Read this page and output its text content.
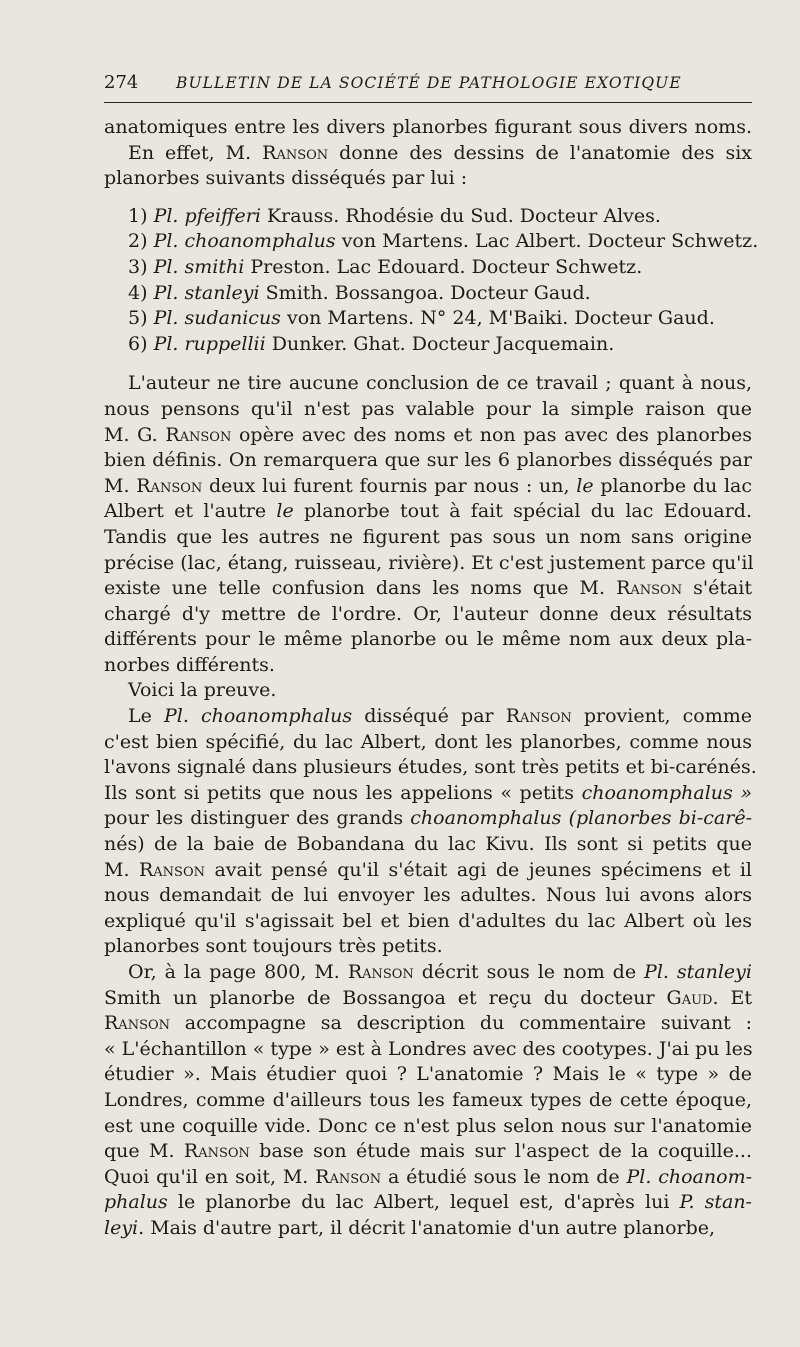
274 BULLETIN DE LA SOCIÉTÉ DE PATHOLOGIE EXOTIQUE
anatomiques entre les divers planorbes figurant sous divers noms.
En effet, M. Ranson donne des dessins de l'anatomie des six
planorbes suivants disséqués par lui :
1) Pl. pfeifferi Krauss. Rhodésie du Sud. Docteur Alves.
2) Pl. choanomphalus von Martens. Lac Albert. Docteur Schwetz.
3) Pl. smithi Preston. Lac Edouard. Docteur Schwetz.
4) Pl. stanleyi Smith. Bossangoa. Docteur Gaud.
5) Pl. sudanicus von Martens. N° 24, M'Baiki. Docteur Gaud.
6) Pl. ruppellii Dunker. Ghat. Docteur Jacquemain.
L'auteur ne tire aucune conclusion de ce travail ; quant à nous,
nous pensons qu'il n'est pas valable pour la simple raison que
M. G. Ranson opère avec des noms et non pas avec des planorbes
bien définis. On remarquera que sur les 6 planorbes disséqués par
M. Ranson deux lui furent fournis par nous : un, le planorbe du lac
Albert et l'autre le planorbe tout à fait spécial du lac Edouard.
Tandis que les autres ne figurent pas sous un nom sans origine
précise (lac, étang, ruisseau, rivière). Et c'est justement parce qu'il
existe une telle confusion dans les noms que M. Ranson s'était
chargé d'y mettre de l'ordre. Or, l'auteur donne deux résultats
différents pour le même planorbe ou le même nom aux deux pla-
norbes différents.
Voici la preuve.
Le Pl. choanomphalus disséqué par Ranson provient, comme
c'est bien spécifié, du lac Albert, dont les planorbes, comme nous
l'avons signalé dans plusieurs études, sont très petits et bi-carénés.
Ils sont si petits que nous les appelions « petits choanomphalus »
pour les distinguer des grands choanomphalus (planorbes bi-carê-
nés) de la baie de Bobandana du lac Kivu. Ils sont si petits que
M. Ranson avait pensé qu'il s'était agi de jeunes spécimens et il
nous demandait de lui envoyer les adultes. Nous lui avons alors
expliqué qu'il s'agissait bel et bien d'adultes du lac Albert où les
planorbes sont toujours très petits.
Or, à la page 800, M. Ranson décrit sous le nom de Pl. stanleyi
Smith un planorbe de Bossangoa et reçu du docteur Gaud. Et
Ranson accompagne sa description du commentaire suivant :
« L'échantillon « type » est à Londres avec des cootypes. J'ai pu les
étudier ». Mais étudier quoi ? L'anatomie ? Mais le « type » de
Londres, comme d'ailleurs tous les fameux types de cette époque,
est une coquille vide. Donc ce n'est plus selon nous sur l'anatomie
que M. Ranson base son étude mais sur l'aspect de la coquille...
Quoi qu'il en soit, M. Ranson a étudié sous le nom de Pl. choanom-
phalus le planorbe du lac Albert, lequel est, d'après lui P. stan-
leyi. Mais d'autre part, il décrit l'anatomie d'un autre planorbe,
